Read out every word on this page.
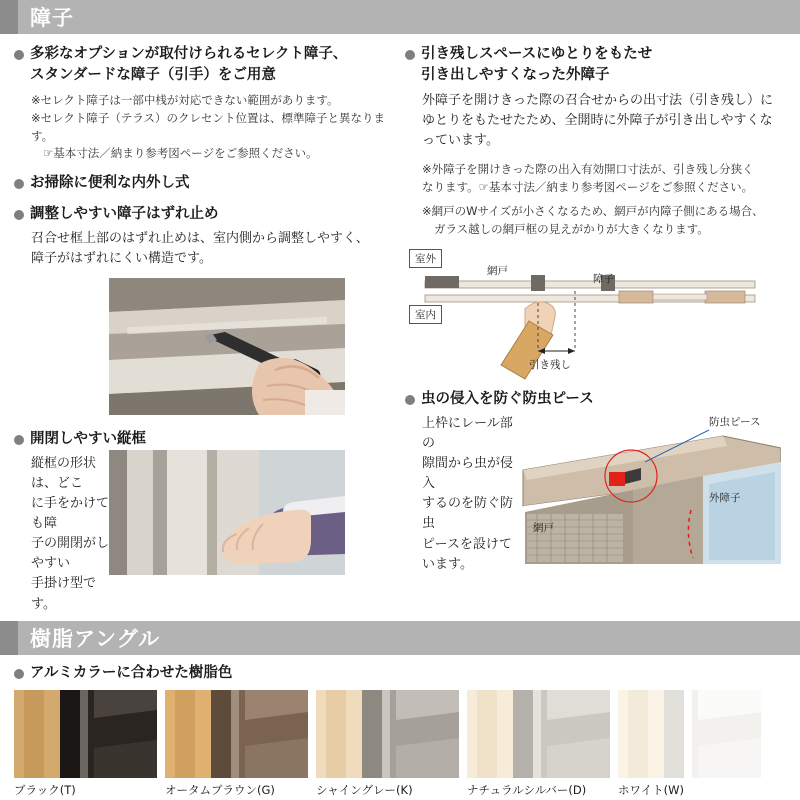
障子
多彩なオプションが取付けられるセレクト障子、
スタンダードな障子（引手）をご用意
※セレクト障子は一部中桟が対応できない範囲があります。
※セレクト障子（テラス）のクレセント位置は、標準障子と異なります。
☞基本寸法／納まり参考図ページをご参照ください。
お掃除に便利な内外し式
調整しやすい障子はずれ止め
召合せ框上部のはずれ止めは、室内側から調整しやすく、
障子がはずれにくい構造です。
開閉しやすい縦框
縦框の形状は、どこ
に手をかけても障
子の開閉がしやすい
手掛け型です。
引き残しスペースにゆとりをもたせ
引き出しやすくなった外障子
外障子を開けきった際の召合せからの出寸法（引き残し）に
ゆとりをもたせたため、全開時に外障子が引き出しやすくな
っています。
※外障子を開けきった際の出入有効開口寸法が、引き残し分狭く
なります。☞基本寸法／納まり参考図ページをご参照ください。
※網戸のWサイズが小さくなるため、網戸が内障子側にある場合、
ガラス越しの網戸框の見えがかりが大きくなります。
室外
室内
網戸
障子
引き残し
虫の侵入を防ぐ防虫ピース
上枠にレール部の
隙間から虫が侵入
するのを防ぐ防虫
ピースを設けて
います。
防虫ピース
外障子
網戸
樹脂アングル
アルミカラーに合わせた樹脂色
ブラック(T)	オータムブラウン(G)	シャイングレー(K)	ナチュラルシルバー(D)	ホワイト(W)
